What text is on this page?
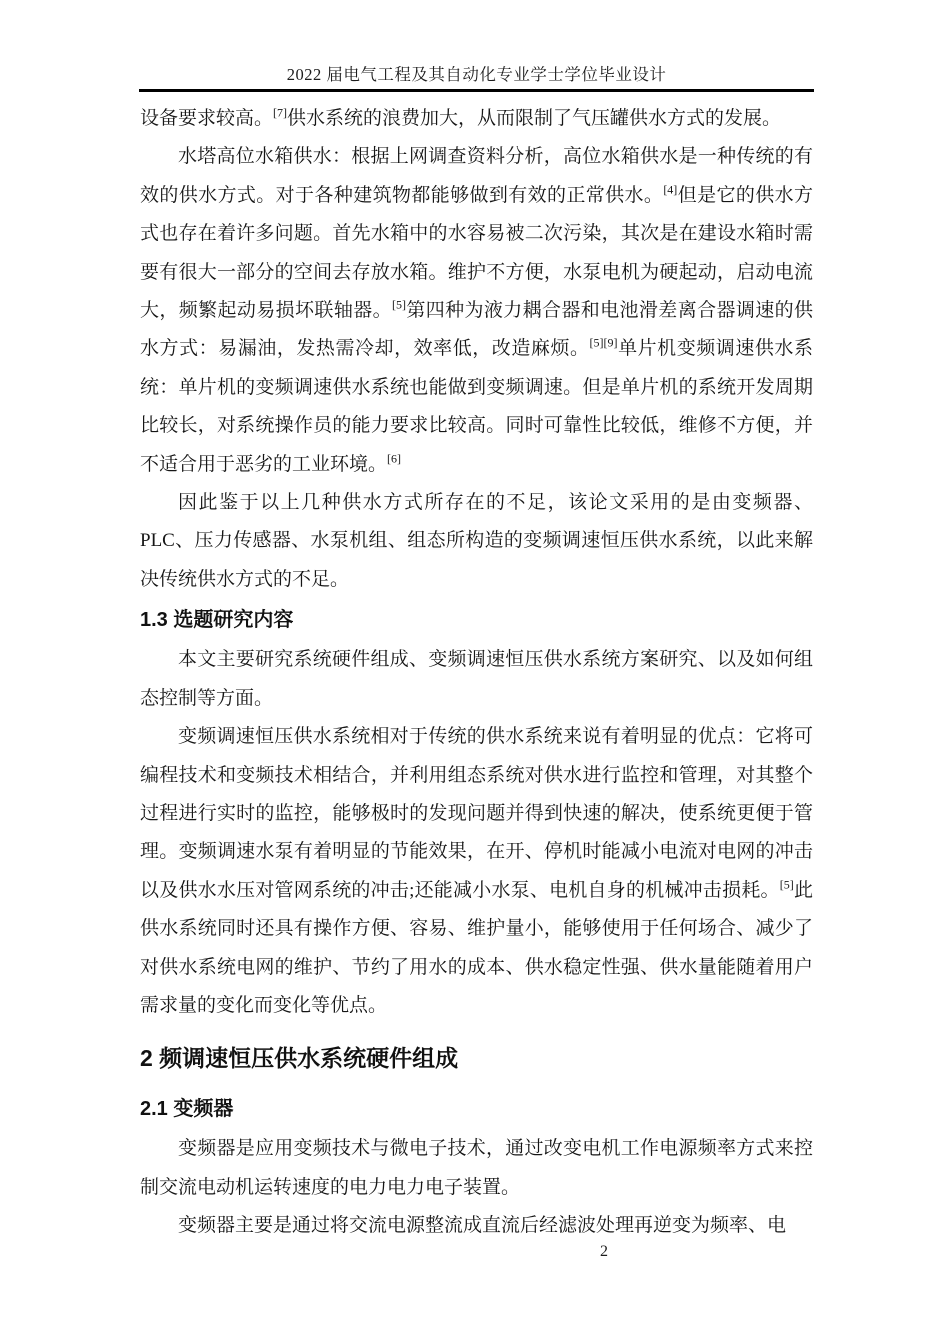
2022 届电气工程及其自动化专业学士学位毕业设计

设备要求较高。[7]供水系统的浪费加大，从而限制了气压罐供水方式的发展。

水塔高位水箱供水：根据上网调查资料分析，高位水箱供水是一种传统的有效的供水方式。对于各种建筑物都能够做到有效的正常供水。[4]但是它的供水方式也存在着许多问题。首先水箱中的水容易被二次污染，其次是在建设水箱时需要有很大一部分的空间去存放水箱。维护不方便，水泵电机为硬起动，启动电流大，频繁起动易损坏联轴器。[5]第四种为液力耦合器和电池滑差离合器调速的供水方式：易漏油，发热需冷却，效率低，改造麻烦。[5][9]单片机变频调速供水系统：单片机的变频调速供水系统也能做到变频调速。但是单片机的系统开发周期比较长，对系统操作员的能力要求比较高。同时可靠性比较低，维修不方便，并不适合用于恶劣的工业环境。[6]

因此鉴于以上几种供水方式所存在的不足，该论文采用的是由变频器、PLC、压力传感器、水泵机组、组态所构造的变频调速恒压供水系统，以此来解决传统供水方式的不足。

1.3 选题研究内容

本文主要研究系统硬件组成、变频调速恒压供水系统方案研究、以及如何组态控制等方面。

变频调速恒压供水系统相对于传统的供水系统来说有着明显的优点：它将可编程技术和变频技术相结合，并利用组态系统对供水进行监控和管理，对其整个过程进行实时的监控，能够极时的发现问题并得到快速的解决，使系统更便于管理。变频调速水泵有着明显的节能效果，在开、停机时能减小电流对电网的冲击以及供水水压对管网系统的冲击;还能减小水泵、电机自身的机械冲击损耗。[5]此供水系统同时还具有操作方便、容易、维护量小，能够使用于任何场合、减少了对供水系统电网的维护、节约了用水的成本、供水稳定性强、供水量能随着用户需求量的变化而变化等优点。

2 频调速恒压供水系统硬件组成
2.1 变频器

变频器是应用变频技术与微电子技术，通过改变电机工作电源频率方式来控制交流电动机运转速度的电力电力电子装置。

变频器主要是通过将交流电源整流成直流后经滤波处理再逆变为频率、电

2
